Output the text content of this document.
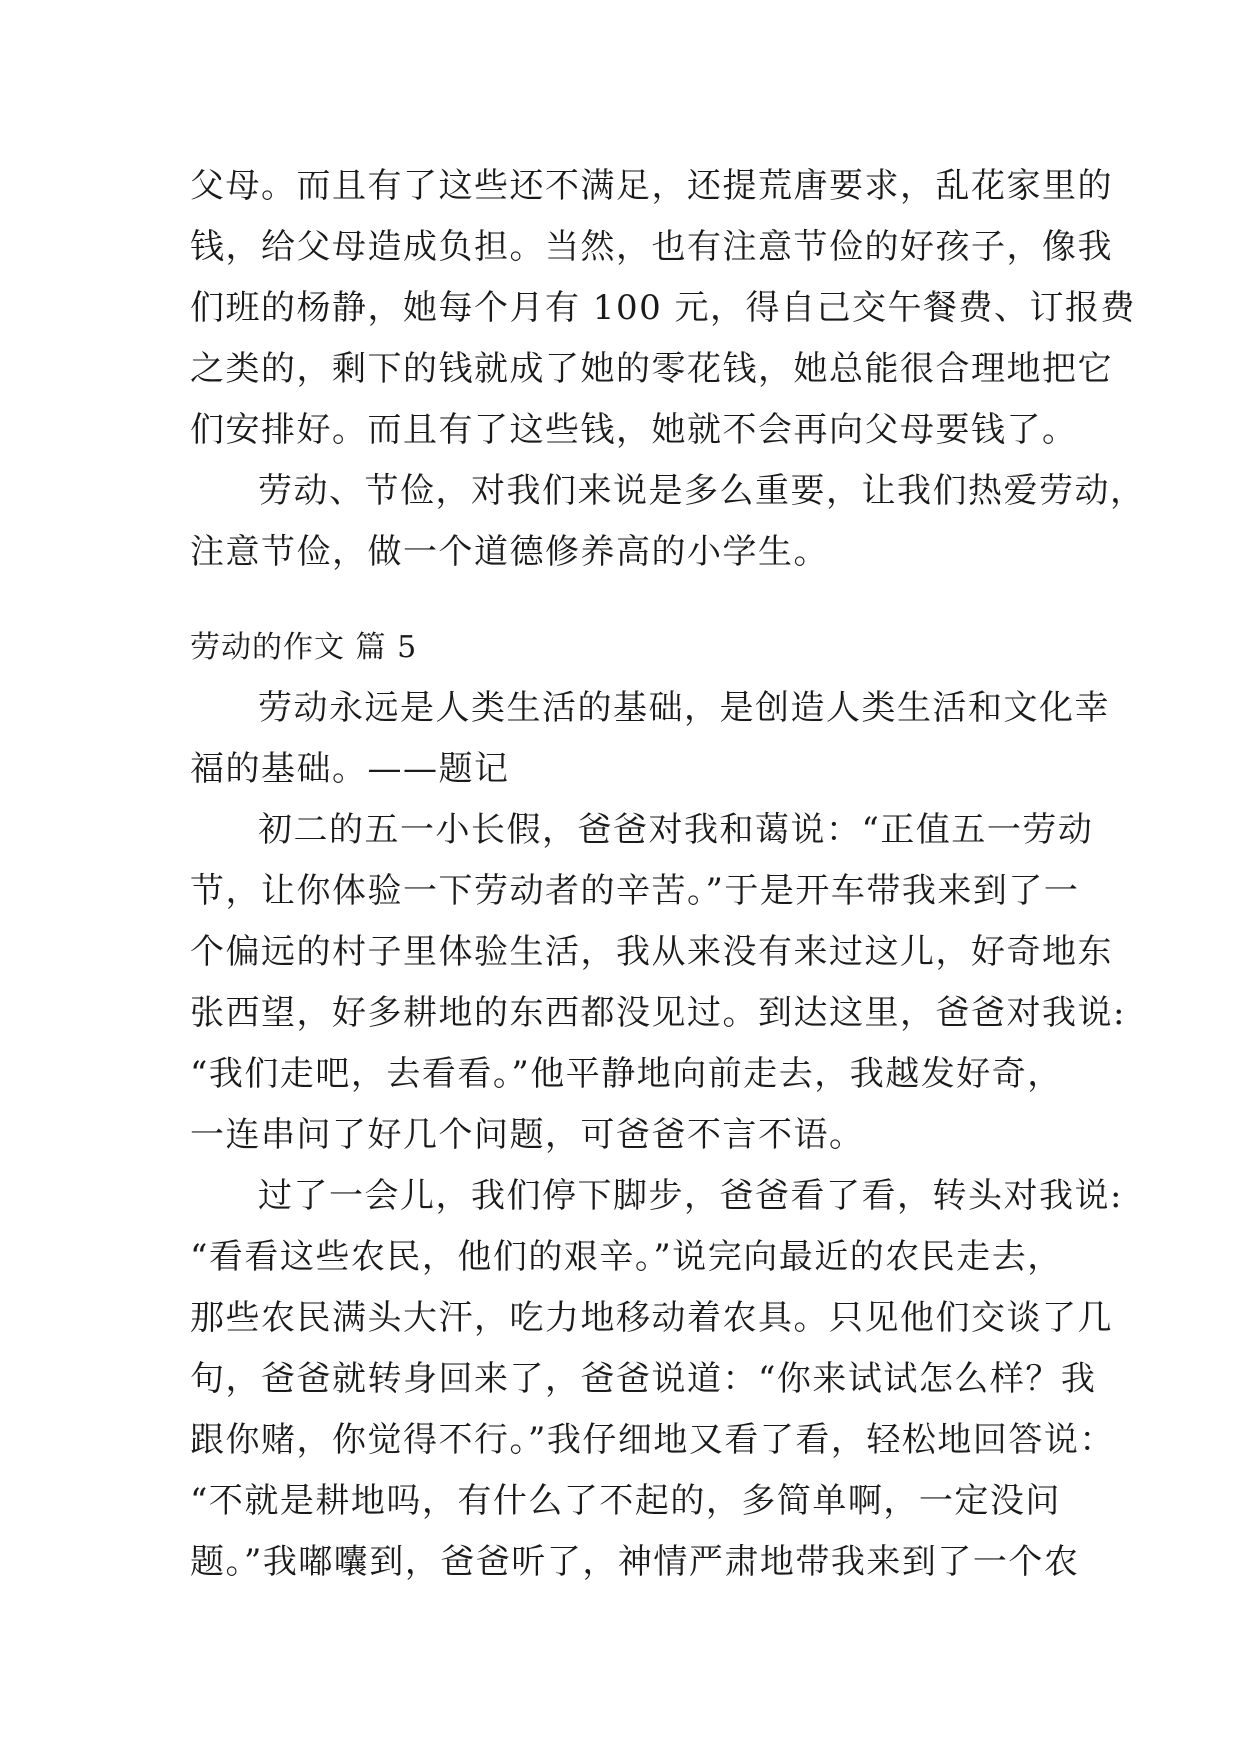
父母。而且有了这些还不满足，还提荒唐要求，乱花家里的
钱，给父母造成负担。当然，也有注意节俭的好孩子，像我
们班的杨静，她每个月有 100 元，得自己交午餐费、订报费
之类的，剩下的钱就成了她的零花钱，她总能很合理地把它
们安排好。而且有了这些钱，她就不会再向父母要钱了。
劳动、节俭，对我们来说是多么重要，让我们热爱劳动，
注意节俭，做一个道德修养高的小学生。
劳动的作文 篇 5
劳动永远是人类生活的基础，是创造人类生活和文化幸
福的基础。——题记
初二的五一小长假，爸爸对我和蔼说：“正值五一劳动
节，让你体验一下劳动者的辛苦。”于是开车带我来到了一
个偏远的村子里体验生活，我从来没有来过这儿，好奇地东
张西望，好多耕地的东西都没见过。到达这里，爸爸对我说:
“我们走吧，去看看。”他平静地向前走去，我越发好奇，
一连串问了好几个问题，可爸爸不言不语。
过了一会儿，我们停下脚步，爸爸看了看，转头对我说:
“看看这些农民，他们的艰辛。”说完向最近的农民走去，
那些农民满头大汗，吃力地移动着农具。只见他们交谈了几
句，爸爸就转身回来了，爸爸说道：“你来试试怎么样？我
跟你赌，你觉得不行。”我仔细地又看了看，轻松地回答说：
“不就是耕地吗，有什么了不起的，多简单啊，一定没问
题。”我嘟囔到，爸爸听了，神情严肃地带我来到了一个农
